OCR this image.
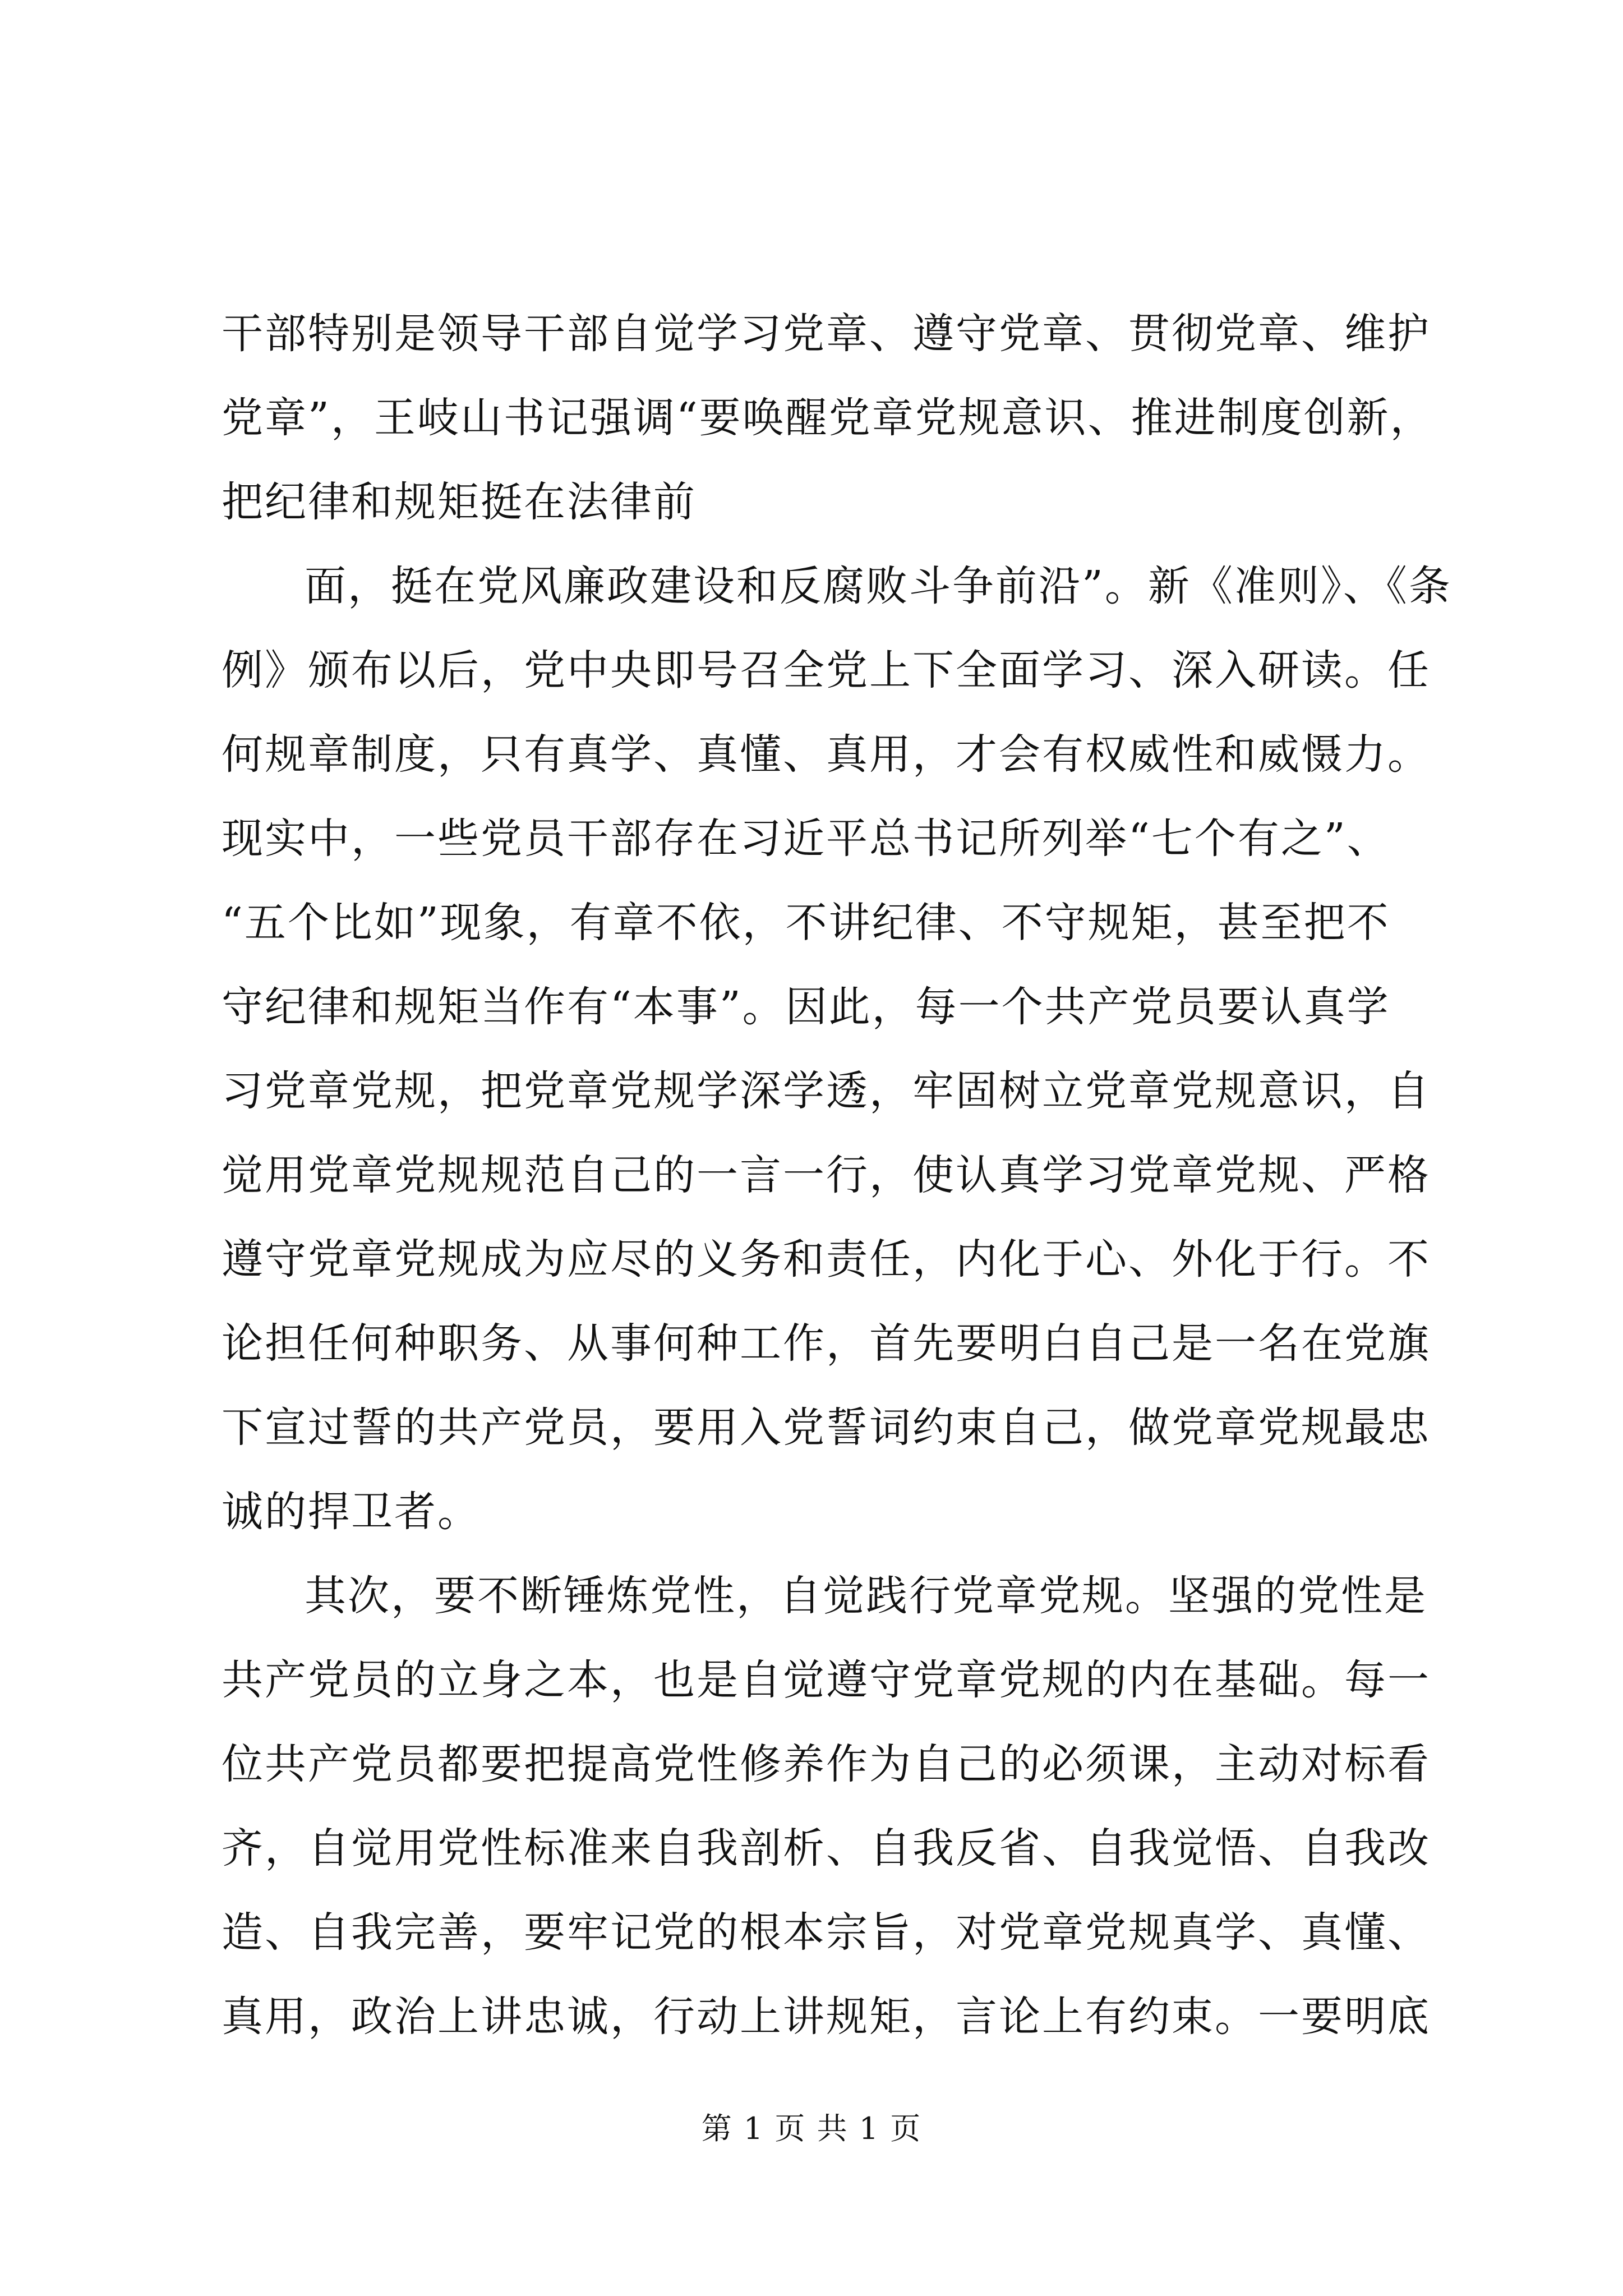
干部特别是领导干部自觉学习党章、遵守党章、贯彻党章、维护
党章”，王岐山书记强调“要唤醒党章党规意识、推进制度创新，
把纪律和规矩挺在法律前
面，挺在党风廉政建设和反腐败斗争前沿”。新《准则》、《条
例》颁布以后，党中央即号召全党上下全面学习、深入研读。任
何规章制度，只有真学、真懂、真用，才会有权威性和威慑力。
现实中，一些党员干部存在习近平总书记所列举“七个有之”、
“五个比如”现象，有章不依，不讲纪律、不守规矩，甚至把不
守纪律和规矩当作有“本事”。因此，每一个共产党员要认真学
习党章党规，把党章党规学深学透，牢固树立党章党规意识，自
觉用党章党规规范自己的一言一行，使认真学习党章党规、严格
遵守党章党规成为应尽的义务和责任，内化于心、外化于行。不
论担任何种职务、从事何种工作，首先要明白自己是一名在党旗
下宣过誓的共产党员，要用入党誓词约束自己，做党章党规最忠
诚的捍卫者。
其次，要不断锤炼党性，自觉践行党章党规。坚强的党性是
共产党员的立身之本，也是自觉遵守党章党规的内在基础。每一
位共产党员都要把提高党性修养作为自己的必须课，主动对标看
齐，自觉用党性标准来自我剖析、自我反省、自我觉悟、自我改
造、自我完善，要牢记党的根本宗旨，对党章党规真学、真懂、
真用，政治上讲忠诚，行动上讲规矩，言论上有约束。一要明底
第 1 页 共 1 页
